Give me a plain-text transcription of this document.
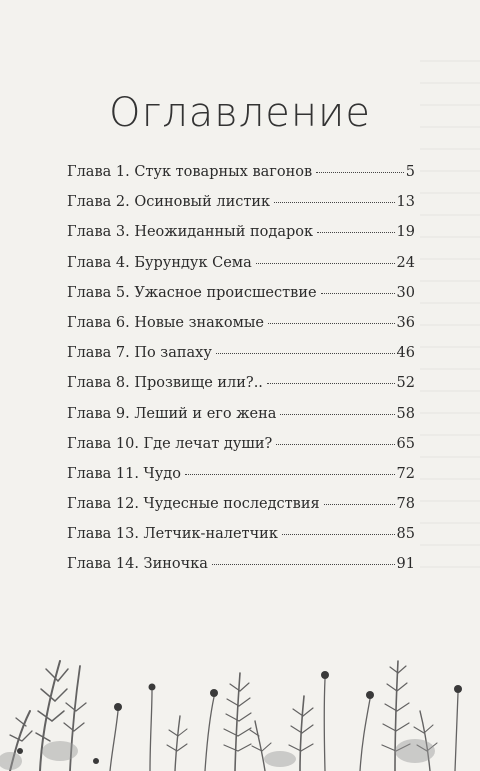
Оглавление
Глава 1. Стук товарных вагонов	5
Глава 2. Осиновый листик	13
Глава 3. Неожиданный подарок	19
Глава 4. Бурундук Сема	24
Глава 5. Ужасное происшествие	30
Глава 6. Новые знакомые	36
Глава 7. По запаху	46
Глава 8. Прозвище или?..	52
Глава 9. Леший и его жена	58
Глава 10. Где лечат души?	65
Глава 11. Чудо	72
Глава 12. Чудесные последствия	78
Глава 13. Летчик-налетчик	85
Глава 14. Зиночка	91
